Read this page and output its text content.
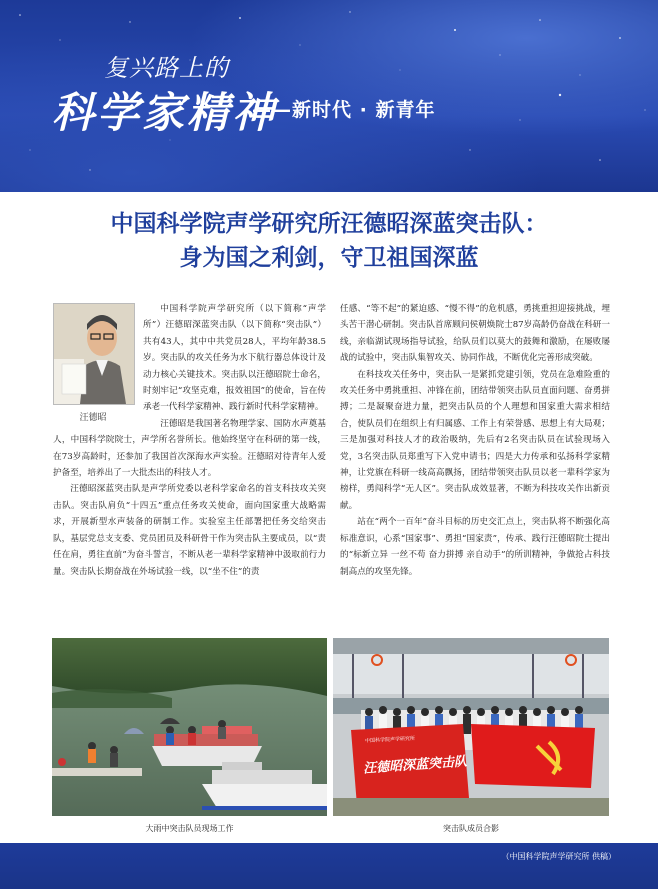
复兴路上的
科学家精神
——新时代 · 新青年
中国科学院声学研究所汪德昭深蓝突击队：
身为国之利剑，守卫祖国深蓝
汪德昭

中国科学院声学研究所（以下简称“声学所”）汪德昭深蓝突击队（以下简称“突击队”）共有43人，其中中共党员28人，平均年龄38.5岁。突击队的攻关任务为水下航行器总体设计及动力核心关键技术。突击队以汪德昭院士命名，时刻牢记“攻坚克难，报效祖国”的使命，旨在传承老一代科学家精神、践行新时代科学家精神。

汪德昭是我国著名物理学家、国防水声奠基人，中国科学院院士，声学所名誉所长。他始终坚守在科研的第一线，在73岁高龄时，还参加了我国首次深海水声实验。汪德昭对待青年人爱护备至，培养出了一大批杰出的科技人才。

汪德昭深蓝突击队是声学所党委以老科学家命名的首支科技攻关突击队。突击队肩负“十四五”重点任务攻关使命，面向国家重大战略需求，开展新型水声装备的研制工作。实验室主任部署把任务交给突击队，基层党总支支委、党员团员及科研骨干作为突击队主要成员，以“责任在肩，勇往直前”为奋斗誓言，不断从老一辈科学家精神中汲取前行力量。突击队长期奋战在外场试验一线，以“坐不住”的责

任感、“等不起”的紧迫感、“慢不得”的危机感，勇挑重担迎接挑战，埋头苦干潜心研制。突击队首席顾问侯朝焕院士87岁高龄仍奋战在科研一线，亲临湖试现场指导试验，给队员们以莫大的鼓舞和激励，在屡败屡战的试验中，突击队集智攻关、协同作战，不断优化完善形成突破。

在科技攻关任务中，突击队一是紧抓党建引领，党员在急难险重的攻关任务中勇挑重担、冲锋在前，团结带领突击队员直面问题、奋勇拼搏；二是凝聚奋进力量，把突击队员的个人理想和国家重大需求相结合，使队员们在组织上有归属感、工作上有荣誉感、思想上有大局观；三是加强对科技人才的政治吸纳，先后有2名突击队员在试验现场入党，3名突击队员郑重写下入党申请书；四是大力传承和弘扬科学家精神，让党旗在科研一线高高飘扬，团结带领突击队员以老一辈科学家为榜样，勇闯科学“无人区”。突击队成效显著，不断为科技攻关作出新贡献。

站在“两个一百年”奋斗目标的历史交汇点上，突击队将不断强化高标准意识，心系“国家事”、勇担“国家责”，传承、践行汪德昭院士提出的“标新立异 一丝不苟 奋力拼搏 亲自动手”的所训精神，争做抢占科技制高点的攻坚先锋。

大雨中突击队员现场工作
中国科学院声学研究所
汪德昭深蓝突击队
突击队成员合影
（中国科学院声学研究所 供稿）
